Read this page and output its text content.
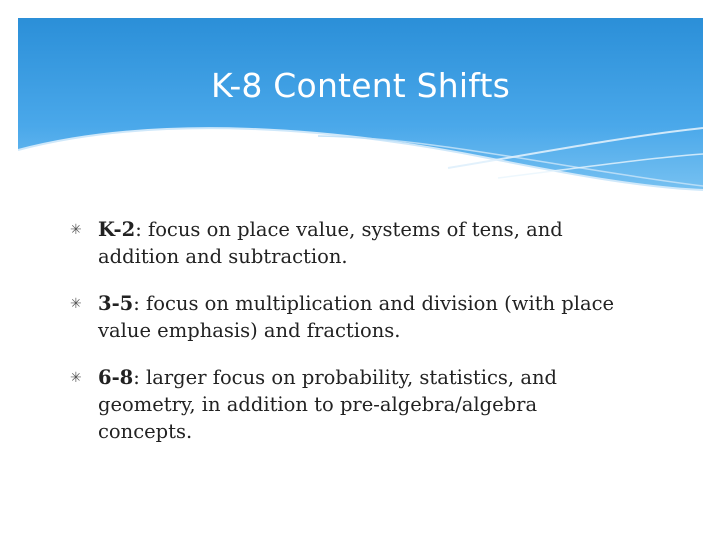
K-8 Content Shifts
✳ K-2: focus on place value, systems of tens, and addition and subtraction.
✳ 3-5: focus on multiplication and division (with place value emphasis) and fractions.
✳ 6-8: larger focus on probability, statistics, and geometry, in addition to pre-algebra/algebra concepts.
